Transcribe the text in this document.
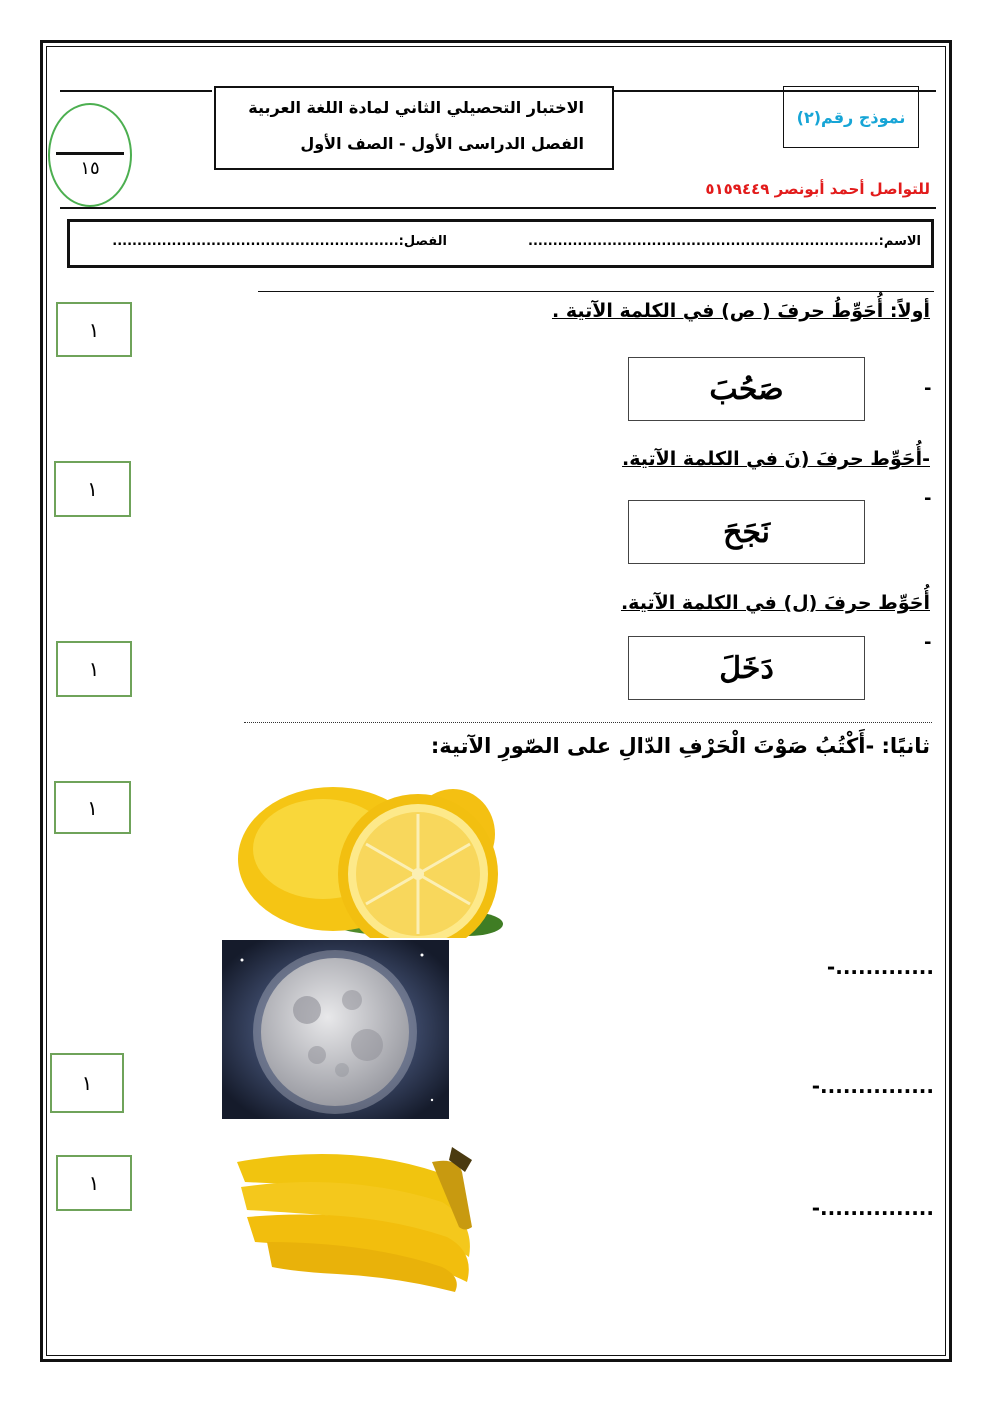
الاختبار التحصيلي الثاني لمادة اللغة العربية
الفصل الدراسى الأول - الصف الأول
نموذج رقم(٢)
١٥
للتواصل أحمد أبونصر ٥١٥٩٤٤٩
الاسم:.......................................................................
الفصل:..........................................................
أولاً: أُحَوِّطُ حرفَ ( ص) في الكلمة الآتية .
صَحُبَ	-
١
-أُحَوِّط حرفَ (نَ في الكلمة الآتية.
-
نَجَحَ
١
أُحَوِّط حرفَ (ل) في الكلمة الآتية.
-
دَخَلَ
١
ثانيًا: -أَكْتُبُ صَوْتَ الْحَرْفِ الدّالِ على الصّورِ الآتية:
١
-.............
١	-...............
١
-...............
